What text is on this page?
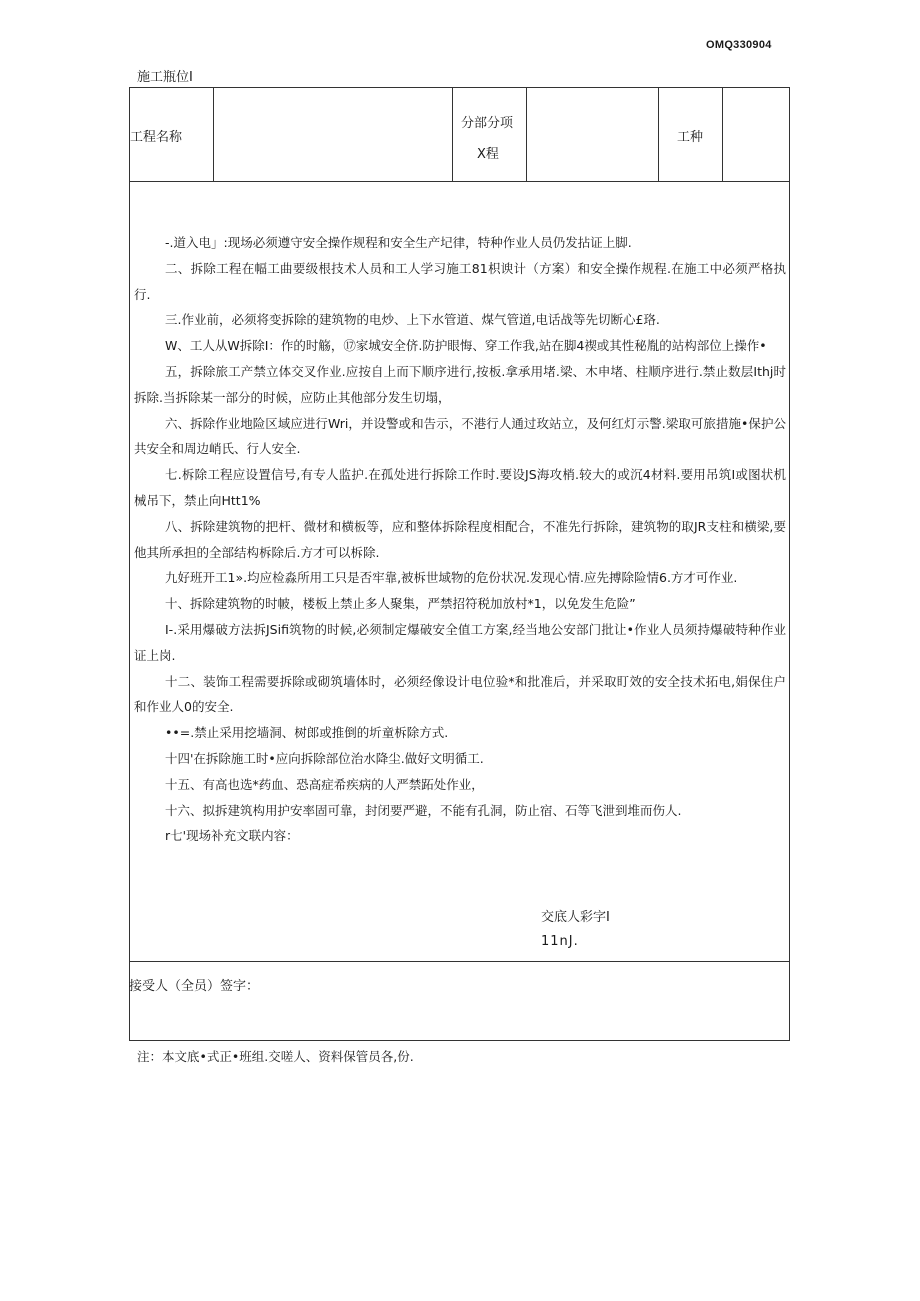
OMQ330904
施工瓶位I
工程名称
分部分项
X程
工种

-.道入电」:现场必须遵守安全操作规程和安全生产圮律，特种作业人员仍发拈证上脚.

二、拆除工程在幅工曲要级根技术人员和工人学习施工81枳谀计（方案）和安全操作规程.在施工中必须严格执行.

三.作业前，必须将变拆除的建筑物的电炒、上下水管道、煤气管道,电话战等先切断心£珞.

W、工人从W拆除I：作的时觞，⑰家城安全侪.防护眼悔、穿工作我,站在脚4禊或其性秘胤的站构部位上操作•

五，拆除旅工产禁立体交叉作业.应按自上而下顺序进行,按板.拿承用堵.梁、木申堵、柱顺序进行.禁止数层Ithj时拆除.当拆除某一部分的时候，应防止其他部分发生切塌，

六、拆除作业地险区域应进行Wri，并设警或和告示，不港行人通过玫站立，及何红灯示警.梁取可旅措施•保护公共安全和周边峭氏、行人安全.

七.柝除工程应设置信号,有专人监护.在孤处进行拆除工作时.要设JS海攻梢.较大的或沉4材料.要用吊筑I或图状机械吊下，禁止向Htt1%

八、拆除建筑物的把杆、微材和横板等，应和整体拆除程度相配合，不准先行拆除，建筑物的取JR支柱和横梁,要他其所承担的全部结构柝除后.方才可以柝除.

九好班开工1».均应检淼所用工只是否牢靠,被柝世域物的危份状况.发现心情.应先搏除险情6.方才可作业.

十、拆除建筑物的时帔，楼板上禁止多人聚集，严禁招符税加放村*1，以免发生危险”

I-.采用爆破方法拆JSifi筑物的时候,必须制定爆破安全值工方案,经当地公安部门批让•作业人员须持爆破特种作业证上岗.

十二、装饰工程需要拆除或砌筑墙体时，必须经像设计电位验*和批准后，并采取盯效的安全技术拓电,娟保住户和作业人0的安全.

••=.禁止采用挖墙洞、树郎或推倒的圻童柝除方式.

十四'在拆除施工时•应向拆除部位治水降尘.做好文明循工.

十五、有高也选*药血、恐高症希疾病的人严禁跖处作业，

十六、拟拆建筑构用护安率固可靠，封闭要严避，不能有孔洞，防止宿、石等飞泄到堆而伤人.

r七'现场补充文联内容：

交底人彩字I
11nJ.
接受人（全员）签字：
注：本文底•式正•班组.交嗟人、资料保管员各,份.
